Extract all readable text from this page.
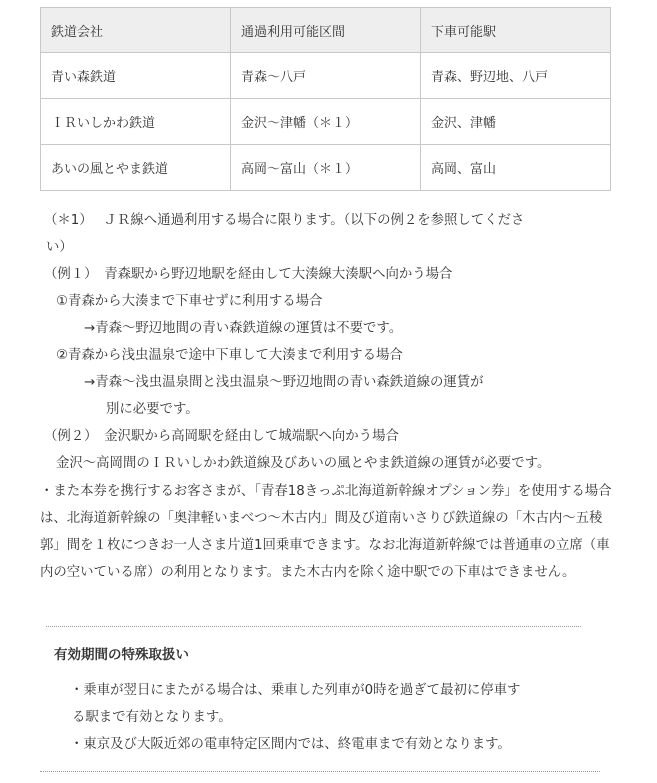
鉄道会社	通過利用可能区間	下車可能駅
青い森鉄道	青森～八戸	青森、野辺地、八戸
ＩＲいしかわ鉄道	金沢～津幡（＊１）	金沢、津幡
あいの風とやま鉄道	高岡～富山（＊１）	高岡、富山

（＊1）　 ＪＲ線へ通過利用する場合に限ります。（以下の例２を参照してくださ

い）

（例１）　青森駅から野辺地駅を経由して大湊線大湊駅へ向かう場合

①青森から大湊まで下車せずに利用する場合

→青森～野辺地間の青い森鉄道線の運賃は不要です。

②青森から浅虫温泉で途中下車して大湊まで利用する場合

→青森～浅虫温泉間と浅虫温泉～野辺地間の青い森鉄道線の運賃が

別に必要です。

（例２）　金沢駅から高岡駅を経由して城端駅へ向かう場合

金沢～高岡間のＩＲいしかわ鉄道線及びあいの風とやま鉄道線の運賃が必要です。

・また本券を携行するお客さまが、「青春18きっぷ北海道新幹線オプション券」を使用する場合は、北海道新幹線の「奥津軽いまべつ～木古内」間及び道南いさりび鉄道線の「木古内～五稜郭」間を１枚につきお一人さま片道1回乗車できます。なお北海道新幹線では普通車の立席（車内の空いている席）の利用となります。また木古内を除く途中駅での下車はできません。

有効期間の特殊取扱い

・乗車が翌日にまたがる場合は、乗車した列車が0時を過ぎて最初に停車す

る駅まで有効となります。

・東京及び大阪近郊の電車特定区間内では、終電車まで有効となります。
